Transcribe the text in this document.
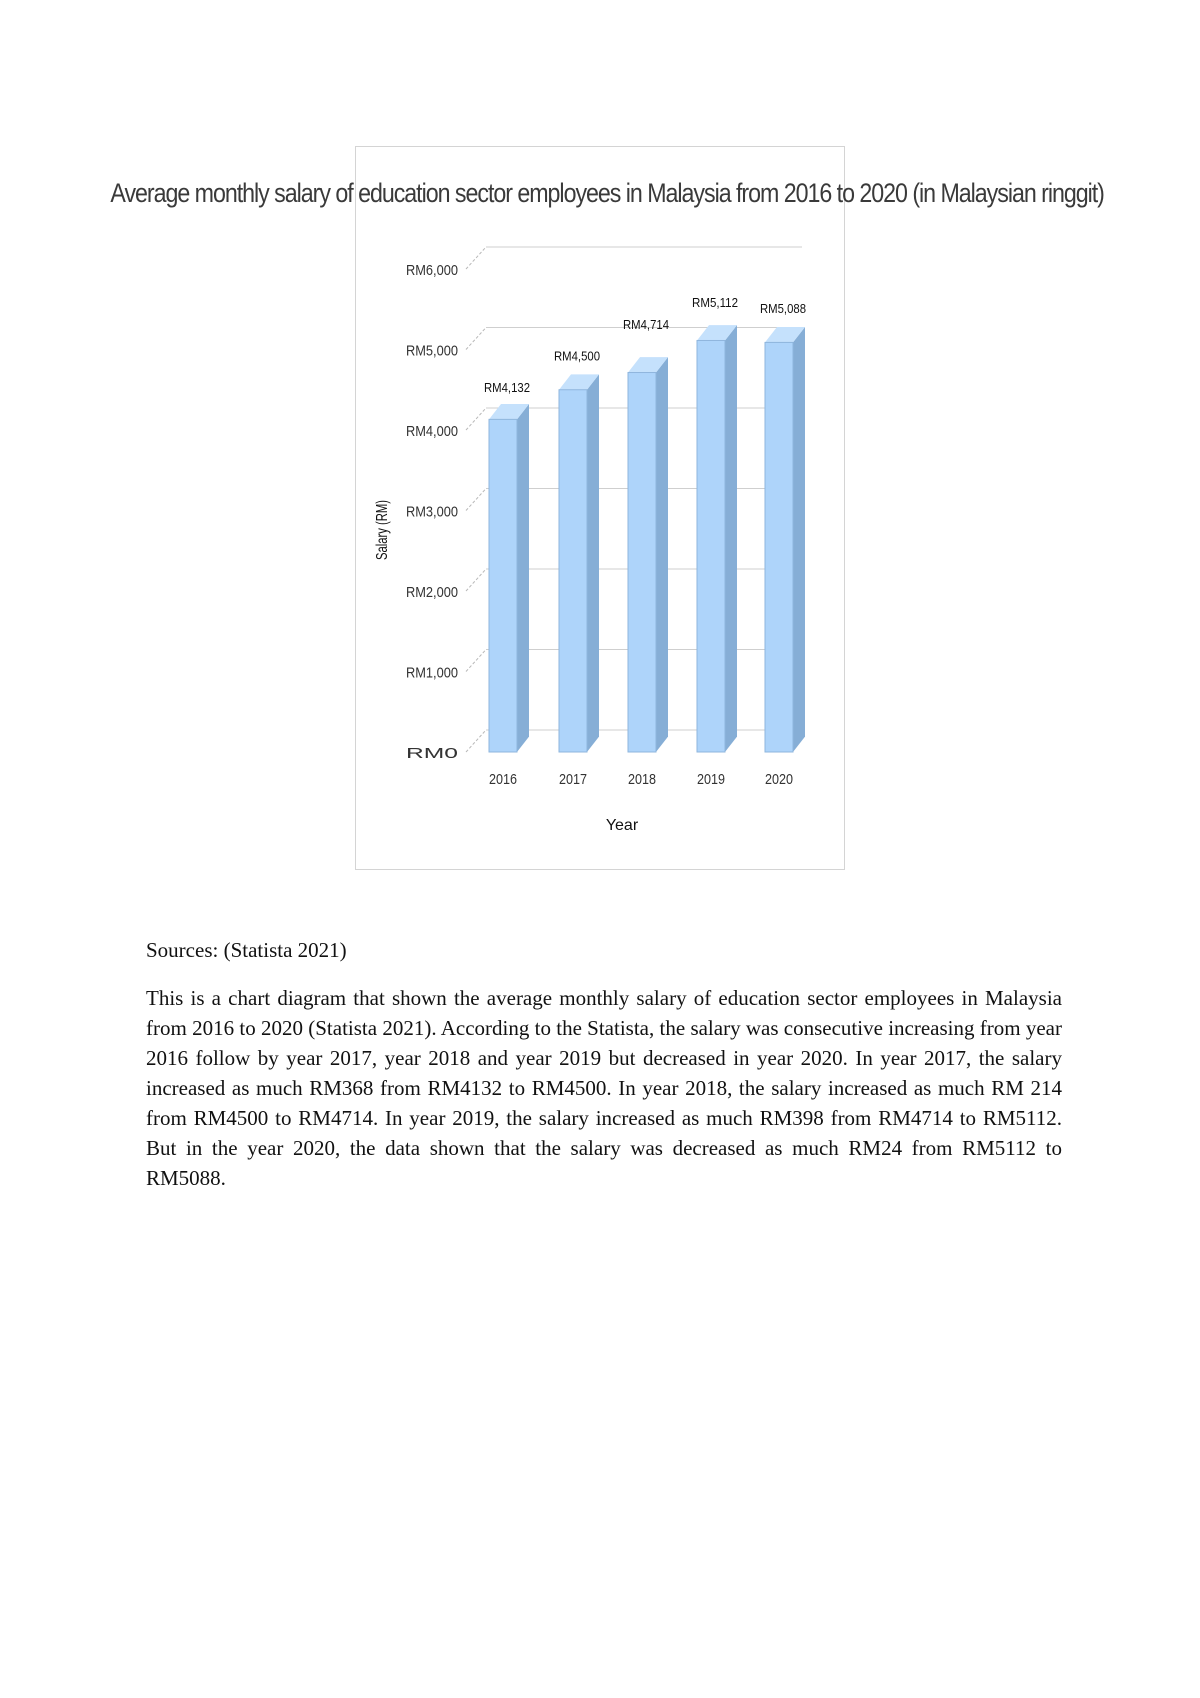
RM0
RM1,000
RM2,000
RM3,000
RM4,000
RM5,000
RM6,000
RM4,132
2016
RM4,500
2017
RM4,714
2018
RM5,112
2019
RM5,088
2020
Year
Salary (RM)
Average monthly salary of education sector employees in Malaysia from 2016 to 2020 (in Malaysian ringgit)

Sources: (Statista 2021)

This is a chart diagram that shown the average monthly salary of education sector employees in Malaysia from 2016 to 2020 (Statista 2021). According to the Statista, the salary was consecutive increasing from year 2016 follow by year 2017, year 2018 and year 2019 but decreased in year 2020. In year 2017, the salary increased as much RM368 from RM4132 to RM4500. In year 2018, the salary increased as much RM 214 from RM4500 to RM4714. In year 2019, the salary increased as much RM398 from RM4714 to RM5112. But in the year 2020, the data shown that the salary was decreased as much RM24 from RM5112 to RM5088.
